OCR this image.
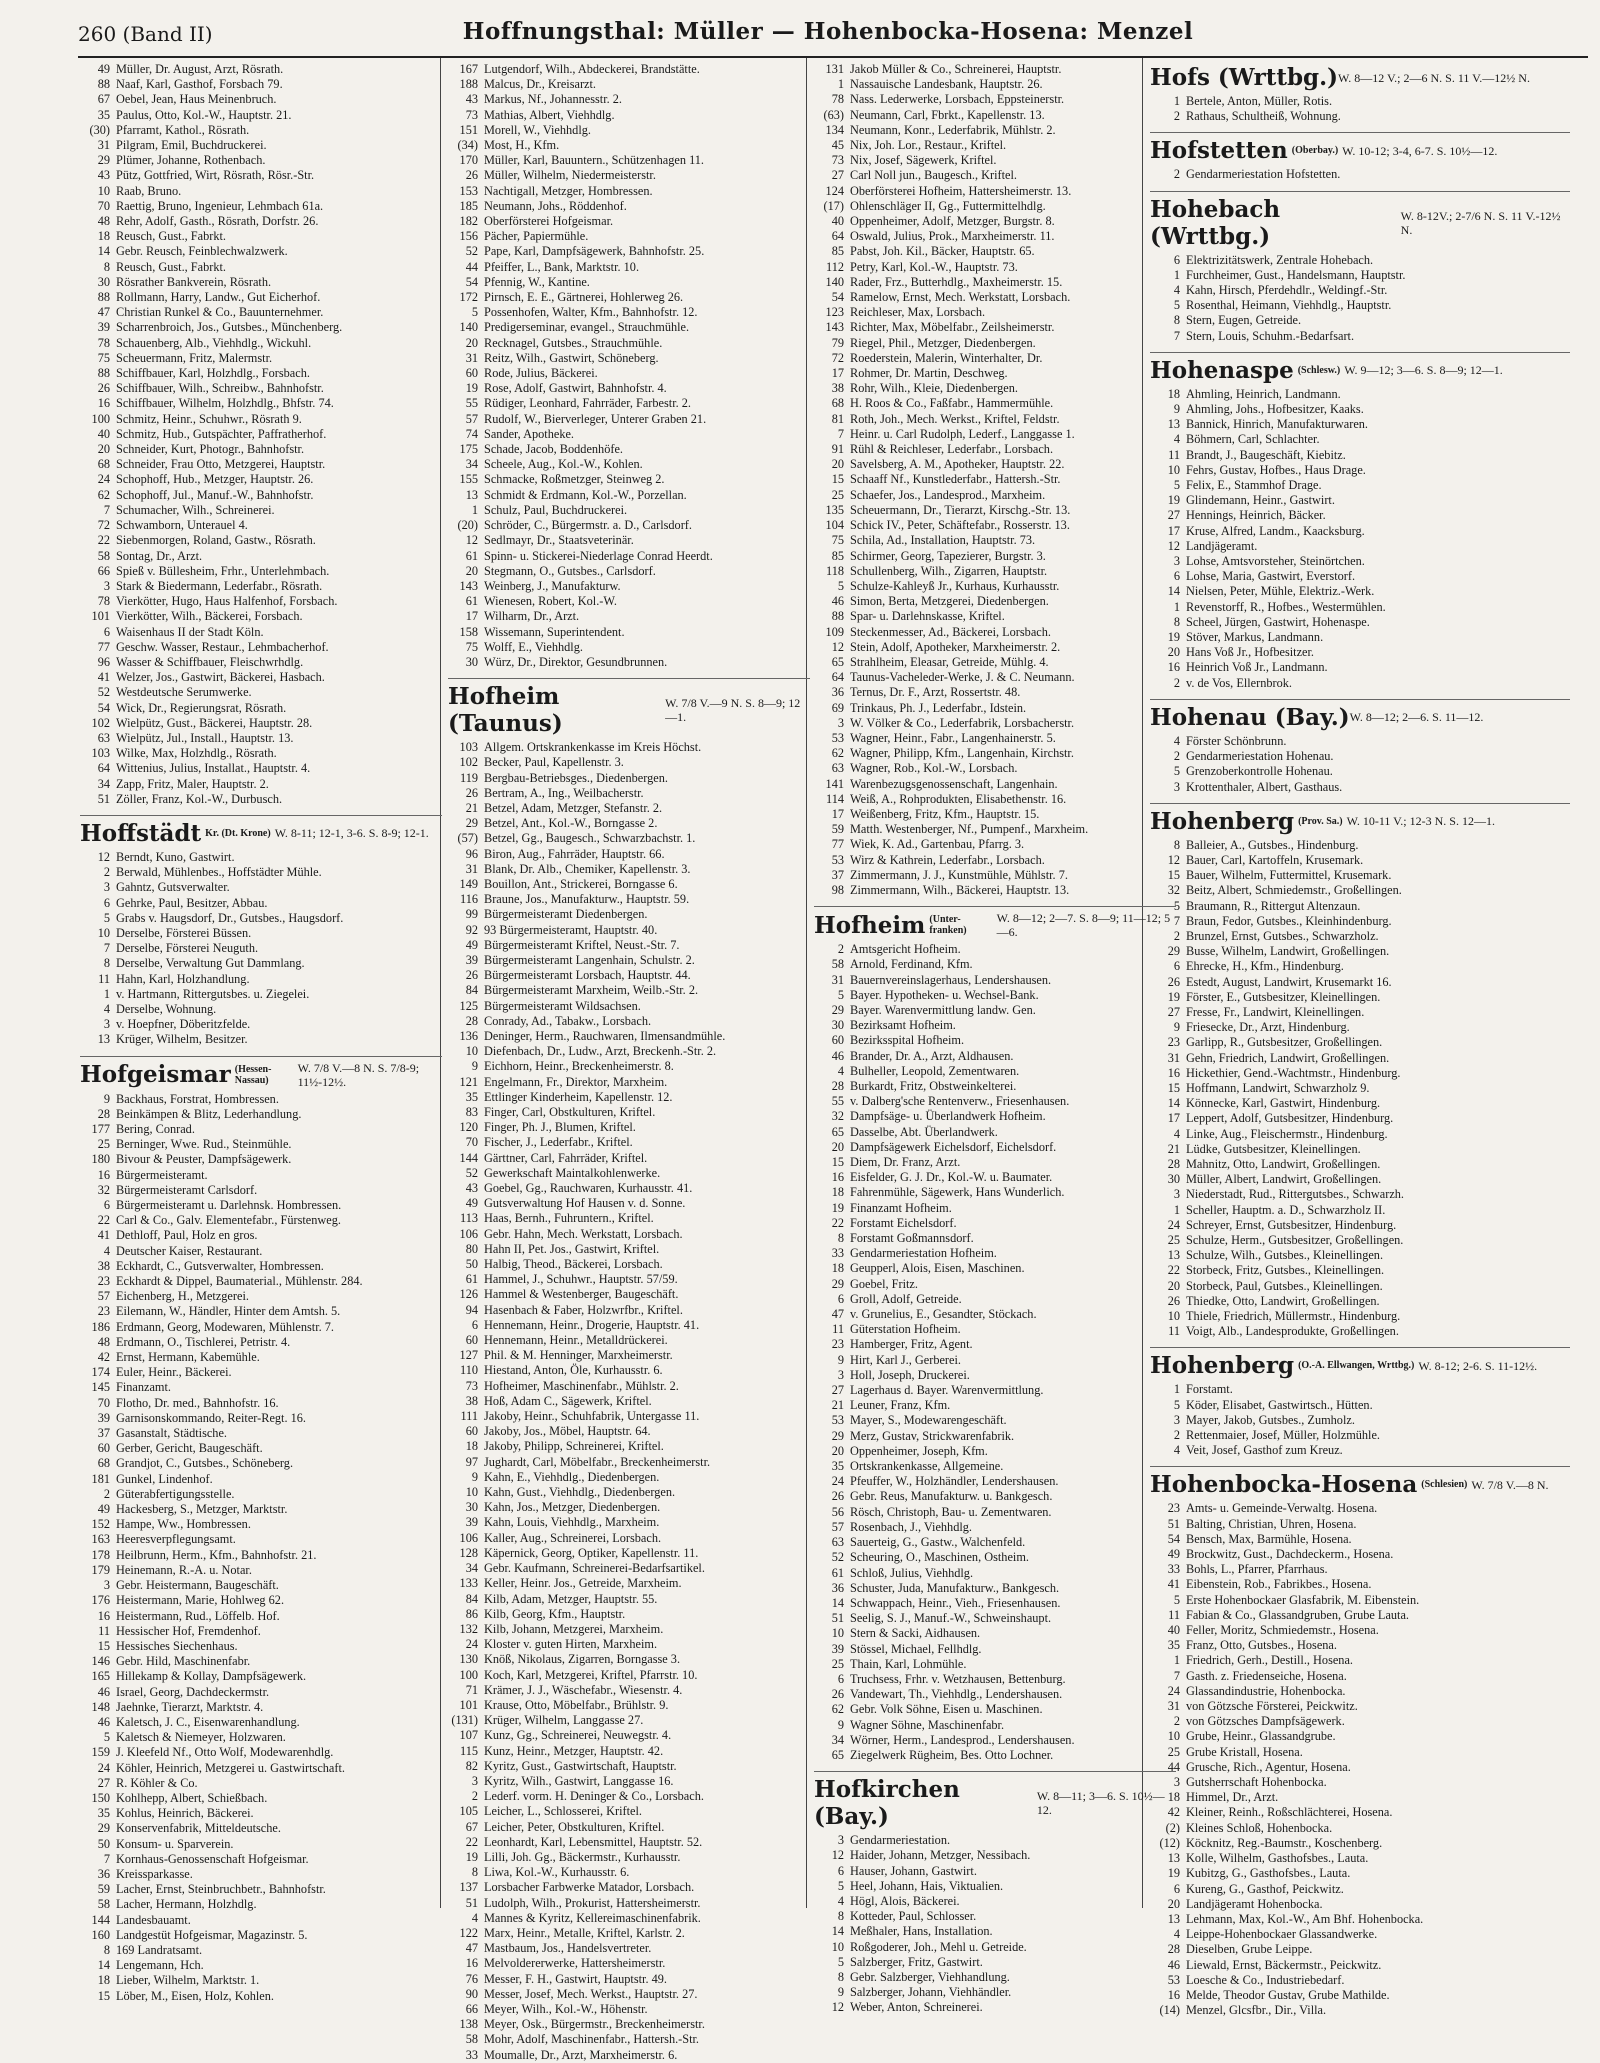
260 (Band II)	Hoffnungsthal: Müller — Hohenbocka-Hosena: Menzel
49 Müller, Dr. August, Arzt, Rösrath.
88 Naaf, Karl, Gasthof, Forsbach 79.
67 Oebel, Jean, Haus Meinenbruch.
35 Paulus, Otto, Kol.-W., Hauptstr. 21.
(30) Pfarramt, Kathol., Rösrath.
31 Pilgram, Emil, Buchdruckerei.
29 Plümer, Johanne, Rothenbach.
43 Pütz, Gottfried, Wirt, Rösrath, Rösr.-Str.
10 Raab, Bruno.
70 Raettig, Bruno, Ingenieur, Lehmbach 61a.
48 Rehr, Adolf, Gasth., Rösrath, Dorfstr. 26.
18 Reusch, Gust., Fabrkt.
14 Gebr. Reusch, Feinblechwalzwerk.
8 Reusch, Gust., Fabrkt.
30 Rösrather Bankverein, Rösrath.
88 Rollmann, Harry, Landw., Gut Eicherhof.
47 Christian Runkel & Co., Bauunternehmer.
39 Scharrenbroich, Jos., Gutsbes., Münchenberg.
78 Schauenberg, Alb., Viehhdlg., Wickuhl.
75 Scheuermann, Fritz, Malermstr.
88 Schiffbauer, Karl, Holzhdlg., Forsbach.
26 Schiffbauer, Wilh., Schreibw., Bahnhofstr.
16 Schiffbauer, Wilhelm, Holzhdlg., Bhfstr. 74.
100 Schmitz, Heinr., Schuhwr., Rösrath 9.
40 Schmitz, Hub., Gutspächter, Paffratherhof.
20 Schneider, Kurt, Photogr., Bahnhofstr.
68 Schneider, Frau Otto, Metzgerei, Hauptstr.
24 Schophoff, Hub., Metzger, Hauptstr. 26.
62 Schophoff, Jul., Manuf.-W., Bahnhofstr.
7 Schumacher, Wilh., Schreinerei.
72 Schwamborn, Unterauel 4.
22 Siebenmorgen, Roland, Gastw., Rösrath.
58 Sontag, Dr., Arzt.
66 Spieß v. Büllesheim, Frhr., Unterlehmbach.
3 Stark & Biedermann, Lederfabr., Rösrath.
78 Vierkötter, Hugo, Haus Halfenhof, Forsbach.
101 Vierkötter, Wilh., Bäckerei, Forsbach.
6 Waisenhaus II der Stadt Köln.
77 Geschw. Wasser, Restaur., Lehmbacherhof.
96 Wasser & Schiffbauer, Fleischwrhdlg.
41 Welzer, Jos., Gastwirt, Bäckerei, Hasbach.
52 Westdeutsche Serumwerke.
54 Wick, Dr., Regierungsrat, Rösrath.
102 Wielpütz, Gust., Bäckerei, Hauptstr. 28.
63 Wielpütz, Jul., Install., Hauptstr. 13.
103 Wilke, Max, Holzhdlg., Rösrath.
64 Wittenius, Julius, Installat., Hauptstr. 4.
34 Zapp, Fritz, Maler, Hauptstr. 2.
51 Zöller, Franz, Kol.-W., Durbusch.
Hoffstädt Kr. (Dt. Krone) W. 8-11; 12-1, 3-6. S. 8-9; 12-1.
12 Berndt, Kuno, Gastwirt.
2 Berwald, Mühlenbes., Hoffstädter Mühle.
3 Gahntz, Gutsverwalter.
6 Gehrke, Paul, Besitzer, Abbau.
5 Grabs v. Haugsdorf, Dr., Gutsbes., Haugsdorf.
10 Derselbe, Försterei Büssen.
7 Derselbe, Försterei Neuguth.
8 Derselbe, Verwaltung Gut Dammlang.
11 Hahn, Karl, Holzhandlung.
1 v. Hartmann, Rittergutsbes. u. Ziegelei.
4 Derselbe, Wohnung.
3 v. Hoepfner, Döberitzfelde.
13 Krüger, Wilhelm, Besitzer.
Hofgeismar (Hessen-Nassau)
W. 7/8 V.—8 N. S. 7/8-9; 11½-12½.
9 Backhaus, Forstrat, Hombressen.
28 Beinkämpen & Blitz, Lederhandlung.
177 Bering, Conrad.
25 Berninger, Wwe. Rud., Steinmühle.
180 Bivour & Peuster, Dampfsägewerk.
16 Bürgermeisteramt.
32 Bürgermeisteramt Carlsdorf.
6 Bürgermeisteramt u. Darlehnsk. Hombressen.
22 Carl & Co., Galv. Elementefabr., Fürstenweg.
41 Dethloff, Paul, Holz en gros.
4 Deutscher Kaiser, Restaurant.
38 Eckhardt, C., Gutsverwalter, Hombressen.
23 Eckhardt & Dippel, Baumaterial., Mühlenstr. 284.
57 Eichenberg, H., Metzgerei.
23 Eilemann, W., Händler, Hinter dem Amtsh. 5.
186 Erdmann, Georg, Modewaren, Mühlenstr. 7.
48 Erdmann, O., Tischlerei, Petristr. 4.
42 Ernst, Hermann, Kabemühle.
174 Euler, Heinr., Bäckerei.
145 Finanzamt.
70 Flotho, Dr. med., Bahnhofstr. 16.
39 Garnisonskommando, Reiter-Regt. 16.
37 Gasanstalt, Städtische.
60 Gerber, Gericht, Baugeschäft.
68 Grandjot, C., Gutsbes., Schöneberg.
181 Gunkel, Lindenhof.
2 Güterabfertigungsstelle.
49 Hackesberg, S., Metzger, Marktstr.
152 Hampe, Ww., Hombressen.
163 Heeresverpflegungsamt.
178 Heilbrunn, Herm., Kfm., Bahnhofstr. 21.
179 Heinemann, R.-A. u. Notar.
3 Gebr. Heistermann, Baugeschäft.
176 Heistermann, Marie, Hohlweg 62.
16 Heistermann, Rud., Löffelb. Hof.
11 Hessischer Hof, Fremdenhof.
15 Hessisches Siechenhaus.
146 Gebr. Hild, Maschinenfabr.
165 Hillekamp & Kollay, Dampfsägewerk.
46 Israel, Georg, Dachdeckermstr.
148 Jaehnke, Tierarzt, Marktstr. 4.
46 Kaletsch, J. C., Eisenwarenhandlung.
5 Kaletsch & Niemeyer, Holzwaren.
159 J. Kleefeld Nf., Otto Wolf, Modewarenhdlg.
24 Köhler, Heinrich, Metzgerei u. Gastwirtschaft.
27 R. Köhler & Co.
150 Kohlhepp, Albert, Schießbach.
35 Kohlus, Heinrich, Bäckerei.
29 Konservenfabrik, Mitteldeutsche.
50 Konsum- u. Sparverein.
7 Kornhaus-Genossenschaft Hofgeismar.
36 Kreissparkasse.
59 Lacher, Ernst, Steinbruchbetr., Bahnhofstr.
58 Lacher, Hermann, Holzhdlg.
144 Landesbauamt.
160 Landgestüt Hofgeismar, Magazinstr. 5.
8 169 Landratsamt.
14 Lengemann, Hch.
18 Lieber, Wilhelm, Marktstr. 1.
15 Löber, M., Eisen, Holz, Kohlen.
167 Lutgendorf, Wilh., Abdeckerei, Brandstätte.
188 Malcus, Dr., Kreisarzt.
43 Markus, Nf., Johannesstr. 2.
73 Mathias, Albert, Viehhdlg.
151 Morell, W., Viehhdlg.
(34) Most, H., Kfm.
170 Müller, Karl, Bauuntern., Schützenhagen 11.
26 Müller, Wilhelm, Niedermeisterstr.
153 Nachtigall, Metzger, Hombressen.
185 Neumann, Johs., Röddenhof.
182 Oberförsterei Hofgeismar.
156 Pächer, Papiermühle.
52 Pape, Karl, Dampfsägewerk, Bahnhofstr. 25.
44 Pfeiffer, L., Bank, Marktstr. 10.
54 Pfennig, W., Kantine.
172 Pirnsch, E. E., Gärtnerei, Hohlerweg 26.
5 Possenhofen, Walter, Kfm., Bahnhofstr. 12.
140 Predigerseminar, evangel., Strauchmühle.
20 Recknagel, Gutsbes., Strauchmühle.
31 Reitz, Wilh., Gastwirt, Schöneberg.
60 Rode, Julius, Bäckerei.
19 Rose, Adolf, Gastwirt, Bahnhofstr. 4.
55 Rüdiger, Leonhard, Fahrräder, Farbestr. 2.
57 Rudolf, W., Bierverleger, Unterer Graben 21.
74 Sander, Apotheke.
175 Schade, Jacob, Boddenhöfe.
34 Scheele, Aug., Kol.-W., Kohlen.
155 Schmacke, Roßmetzger, Steinweg 2.
13 Schmidt & Erdmann, Kol.-W., Porzellan.
1 Schulz, Paul, Buchdruckerei.
(20) Schröder, C., Bürgermstr. a. D., Carlsdorf.
12 Sedlmayr, Dr., Staatsveterinär.
61 Spinn- u. Stickerei-Niederlage Conrad Heerdt.
20 Stegmann, O., Gutsbes., Carlsdorf.
143 Weinberg, J., Manufakturw.
61 Wienesen, Robert, Kol.-W.
17 Wilharm, Dr., Arzt.
158 Wissemann, Superintendent.
75 Wolff, E., Viehhdlg.
30 Würz, Dr., Direktor, Gesundbrunnen.
Hofheim (Taunus)
W. 7/8 V.—9 N. S. 8—9; 12—1.
103 Allgem. Ortskrankenkasse im Kreis Höchst.
102 Becker, Paul, Kapellenstr. 3.
119 Bergbau-Betriebsges., Diedenbergen.
26 Bertram, A., Ing., Weilbacherstr.
21 Betzel, Adam, Metzger, Stefanstr. 2.
29 Betzel, Ant., Kol.-W., Borngasse 2.
(57) Betzel, Gg., Baugesch., Schwarzbachstr. 1.
96 Biron, Aug., Fahrräder, Hauptstr. 66.
31 Blank, Dr. Alb., Chemiker, Kapellenstr. 3.
149 Bouillon, Ant., Strickerei, Borngasse 6.
116 Braune, Jos., Manufakturw., Hauptstr. 59.
99 Bürgermeisteramt Diedenbergen.
92 93 Bürgermeisteramt, Hauptstr. 40.
49 Bürgermeisteramt Kriftel, Neust.-Str. 7.
39 Bürgermeisteramt Langenhain, Schulstr. 2.
26 Bürgermeisteramt Lorsbach, Hauptstr. 44.
84 Bürgermeisteramt Marxheim, Weilb.-Str. 2.
125 Bürgermeisteramt Wildsachsen.
28 Conrady, Ad., Tabakw., Lorsbach.
136 Deninger, Herm., Rauchwaren, Ilmensandmühle.
10 Diefenbach, Dr., Ludw., Arzt, Breckenh.-Str. 2.
9 Eichhorn, Heinr., Breckenheimerstr. 8.
121 Engelmann, Fr., Direktor, Marxheim.
35 Ettlinger Kinderheim, Kapellenstr. 12.
83 Finger, Carl, Obstkulturen, Kriftel.
120 Finger, Ph. J., Blumen, Kriftel.
70 Fischer, J., Lederfabr., Kriftel.
144 Gärttner, Carl, Fahrräder, Kriftel.
52 Gewerkschaft Maintalkohlenwerke.
43 Goebel, Gg., Rauchwaren, Kurhausstr. 41.
49 Gutsverwaltung Hof Hausen v. d. Sonne.
113 Haas, Bernh., Fuhruntern., Kriftel.
106 Gebr. Hahn, Mech. Werkstatt, Lorsbach.
80 Hahn II, Pet. Jos., Gastwirt, Kriftel.
50 Halbig, Theod., Bäckerei, Lorsbach.
61 Hammel, J., Schuhwr., Hauptstr. 57/59.
126 Hammel & Westenberger, Baugeschäft.
94 Hasenbach & Faber, Holzwrfbr., Kriftel.
6 Hennemann, Heinr., Drogerie, Hauptstr. 41.
60 Hennemann, Heinr., Metalldrückerei.
127 Phil. & M. Henninger, Marxheimerstr.
110 Hiestand, Anton, Öle, Kurhausstr. 6.
73 Hofheimer, Maschinenfabr., Mühlstr. 2.
38 Hoß, Adam C., Sägewerk, Kriftel.
111 Jakoby, Heinr., Schuhfabrik, Untergasse 11.
60 Jakoby, Jos., Möbel, Hauptstr. 64.
18 Jakoby, Philipp, Schreinerei, Kriftel.
97 Jughardt, Carl, Möbelfabr., Breckenheimerstr.
9 Kahn, E., Viehhdlg., Diedenbergen.
10 Kahn, Gust., Viehhdlg., Diedenbergen.
30 Kahn, Jos., Metzger, Diedenbergen.
39 Kahn, Louis, Viehhdlg., Marxheim.
106 Kaller, Aug., Schreinerei, Lorsbach.
128 Käpernick, Georg, Optiker, Kapellenstr. 11.
34 Gebr. Kaufmann, Schreinerei-Bedarfsartikel.
133 Keller, Heinr. Jos., Getreide, Marxheim.
84 Kilb, Adam, Metzger, Hauptstr. 55.
86 Kilb, Georg, Kfm., Hauptstr.
132 Kilb, Johann, Metzgerei, Marxheim.
24 Kloster v. guten Hirten, Marxheim.
130 Knöß, Nikolaus, Zigarren, Borngasse 3.
100 Koch, Karl, Metzgerei, Kriftel, Pfarrstr. 10.
71 Krämer, J. J., Wäschefabr., Wiesenstr. 4.
101 Krause, Otto, Möbelfabr., Brühlstr. 9.
(131) Krüger, Wilhelm, Langgasse 27.
107 Kunz, Gg., Schreinerei, Neuwegstr. 4.
115 Kunz, Heinr., Metzger, Hauptstr. 42.
82 Kyritz, Gust., Gastwirtschaft, Hauptstr.
3 Kyritz, Wilh., Gastwirt, Langgasse 16.
2 Lederf. vorm. H. Deninger & Co., Lorsbach.
105 Leicher, L., Schlosserei, Kriftel.
67 Leicher, Peter, Obstkulturen, Kriftel.
22 Leonhardt, Karl, Lebensmittel, Hauptstr. 52.
19 Lilli, Joh. Gg., Bäckermstr., Kurhausstr.
8 Liwa, Kol.-W., Kurhausstr. 6.
137 Lorsbacher Farbwerke Matador, Lorsbach.
51 Ludolph, Wilh., Prokurist, Hattersheimerstr.
4 Mannes & Kyritz, Kellereimaschinenfabrik.
122 Marx, Heinr., Metalle, Kriftel, Karlstr. 2.
47 Mastbaum, Jos., Handelsvertreter.
16 Melvoldererwerke, Hattersheimerstr.
76 Messer, F. H., Gastwirt, Hauptstr. 49.
90 Messer, Josef, Mech. Werkst., Hauptstr. 27.
66 Meyer, Wilh., Kol.-W., Höhenstr.
138 Meyer, Osk., Bürgermstr., Breckenheimerstr.
58 Mohr, Adolf, Maschinenfabr., Hattersh.-Str.
33 Moumalle, Dr., Arzt, Marxheimerstr. 6.
131 Jakob Müller & Co., Schreinerei, Hauptstr.
1 Nassauische Landesbank, Hauptstr. 26.
78 Nass. Lederwerke, Lorsbach, Eppsteinerstr.
(63) Neumann, Carl, Fbrkt., Kapellenstr. 13.
134 Neumann, Konr., Lederfabrik, Mühlstr. 2.
45 Nix, Joh. Lor., Restaur., Kriftel.
73 Nix, Josef, Sägewerk, Kriftel.
27 Carl Noll jun., Baugesch., Kriftel.
124 Oberförsterei Hofheim, Hattersheimerstr. 13.
(17) Ohlenschläger II, Gg., Futtermittelhdlg.
40 Oppenheimer, Adolf, Metzger, Burgstr. 8.
64 Oswald, Julius, Prok., Marxheimerstr. 11.
85 Pabst, Joh. Kil., Bäcker, Hauptstr. 65.
112 Petry, Karl, Kol.-W., Hauptstr. 73.
140 Rader, Frz., Butterhdlg., Maxheimerstr. 15.
54 Ramelow, Ernst, Mech. Werkstatt, Lorsbach.
123 Reichleser, Max, Lorsbach.
143 Richter, Max, Möbelfabr., Zeilsheimerstr.
79 Riegel, Phil., Metzger, Diedenbergen.
72 Roederstein, Malerin, Winterhalter, Dr.
17 Rohmer, Dr. Martin, Deschweg.
38 Rohr, Wilh., Kleie, Diedenbergen.
68 H. Roos & Co., Faßfabr., Hammermühle.
81 Roth, Joh., Mech. Werkst., Kriftel, Feldstr.
7 Heinr. u. Carl Rudolph, Lederf., Langgasse 1.
91 Rühl & Reichleser, Lederfabr., Lorsbach.
20 Savelsberg, A. M., Apotheker, Hauptstr. 22.
15 Schaaff Nf., Kunstlederfabr., Hattersh.-Str.
25 Schaefer, Jos., Landesprod., Marxheim.
135 Scheuermann, Dr., Tierarzt, Kirschg.-Str. 13.
104 Schick IV., Peter, Schäftefabr., Rosserstr. 13.
75 Schila, Ad., Installation, Hauptstr. 73.
85 Schirmer, Georg, Tapezierer, Burgstr. 3.
118 Schullenberg, Wilh., Zigarren, Hauptstr.
5 Schulze-Kahleyß Jr., Kurhaus, Kurhausstr.
46 Simon, Berta, Metzgerei, Diedenbergen.
88 Spar- u. Darlehnskasse, Kriftel.
109 Steckenmesser, Ad., Bäckerei, Lorsbach.
12 Stein, Adolf, Apotheker, Marxheimerstr. 2.
65 Strahlheim, Eleasar, Getreide, Mühlg. 4.
64 Taunus-Vacheleder-Werke, J. & C. Neumann.
36 Ternus, Dr. F., Arzt, Rossertstr. 48.
69 Trinkaus, Ph. J., Lederfabr., Idstein.
3 W. Völker & Co., Lederfabrik, Lorsbacherstr.
53 Wagner, Heinr., Fabr., Langenhainerstr. 5.
62 Wagner, Philipp, Kfm., Langenhain, Kirchstr.
63 Wagner, Rob., Kol.-W., Lorsbach.
141 Warenbezugsgenossenschaft, Langenhain.
114 Weiß, A., Rohprodukten, Elisabethenstr. 16.
17 Weißenberg, Fritz, Kfm., Hauptstr. 15.
59 Matth. Westenberger, Nf., Pumpenf., Marxheim.
77 Wiek, K. Ad., Gartenbau, Pfarrg. 3.
53 Wirz & Kathrein, Lederfabr., Lorsbach.
37 Zimmermann, J. J., Kunstmühle, Mühlstr. 7.
98 Zimmermann, Wilh., Bäckerei, Hauptstr. 13.
Hofheim (Unter-franken)
W. 8—12; 2—7. S. 8—9; 11—12; 5—6.
2 Amtsgericht Hofheim.
58 Arnold, Ferdinand, Kfm.
31 Bauernvereinslagerhaus, Lendershausen.
5 Bayer. Hypotheken- u. Wechsel-Bank.
29 Bayer. Warenvermittlung landw. Gen.
30 Bezirksamt Hofheim.
60 Bezirksspital Hofheim.
46 Brander, Dr. A., Arzt, Aldhausen.
4 Bulheller, Leopold, Zementwaren.
28 Burkardt, Fritz, Obstweinkelterei.
55 v. Dalberg'sche Rentenverw., Friesenhausen.
32 Dampfsäge- u. Überlandwerk Hofheim.
65 Dasselbe, Abt. Überlandwerk.
20 Dampfsägewerk Eichelsdorf, Eichelsdorf.
15 Diem, Dr. Franz, Arzt.
16 Eisfelder, G. J. Dr., Kol.-W. u. Baumater.
18 Fahrenmühle, Sägewerk, Hans Wunderlich.
19 Finanzamt Hofheim.
22 Forstamt Eichelsdorf.
8 Forstamt Goßmannsdorf.
33 Gendarmeriestation Hofheim.
18 Geupperl, Alois, Eisen, Maschinen.
29 Goebel, Fritz.
6 Groll, Adolf, Getreide.
47 v. Grunelius, E., Gesandter, Stöckach.
11 Güterstation Hofheim.
23 Hamberger, Fritz, Agent.
9 Hirt, Karl J., Gerberei.
3 Holl, Joseph, Druckerei.
27 Lagerhaus d. Bayer. Warenvermittlung.
21 Leuner, Franz, Kfm.
53 Mayer, S., Modewarengeschäft.
29 Merz, Gustav, Strickwarenfabrik.
20 Oppenheimer, Joseph, Kfm.
35 Ortskrankenkasse, Allgemeine.
24 Pfeuffer, W., Holzhändler, Lendershausen.
26 Gebr. Reus, Manufakturw. u. Bankgesch.
56 Rösch, Christoph, Bau- u. Zementwaren.
57 Rosenbach, J., Viehhdlg.
63 Sauerteig, G., Gastw., Walchenfeld.
52 Scheuring, O., Maschinen, Ostheim.
61 Schloß, Julius, Viehhdlg.
36 Schuster, Juda, Manufakturw., Bankgesch.
14 Schwappach, Heinr., Vieh., Friesenhausen.
51 Seelig, S. J., Manuf.-W., Schweinshaupt.
10 Stern & Sacki, Aidhausen.
39 Stössel, Michael, Fellhdlg.
25 Thain, Karl, Lohmühle.
6 Truchsess, Frhr. v. Wetzhausen, Bettenburg.
26 Vandewart, Th., Viehhdlg., Lendershausen.
62 Gebr. Volk Söhne, Eisen u. Maschinen.
9 Wagner Söhne, Maschinenfabr.
34 Wörner, Herm., Landesprod., Lendershausen.
65 Ziegelwerk Rügheim, Bes. Otto Lochner.
Hofkirchen (Bay.)
W. 8—11; 3—6. S. 10½—12.
3 Gendarmeriestation.
12 Haider, Johann, Metzger, Nessibach.
6 Hauser, Johann, Gastwirt.
5 Heel, Johann, Hais, Viktualien.
4 Högl, Alois, Bäckerei.
8 Kotteder, Paul, Schlosser.
14 Meßhaler, Hans, Installation.
10 Roßgoderer, Joh., Mehl u. Getreide.
5 Salzberger, Fritz, Gastwirt.
8 Gebr. Salzberger, Viehhandlung.
9 Salzberger, Johann, Viehhändler.
12 Weber, Anton, Schreinerei.
Hofs (Wrttbg.) W. 8—12 V.; 2—6 N. S. 11 V.—12½ N.
1 Bertele, Anton, Müller, Rotis.
2 Rathaus, Schultheiß, Wohnung.
Hofstetten (Oberbay.) W. 10-12; 3-4, 6-7. S. 10½—12.
2 Gendarmeriestation Hofstetten.
Hohebach (Wrttbg.)
W. 8-12V.; 2-7/6 N. S. 11 V.-12½ N.
6 Elektrizitätswerk, Zentrale Hohebach.
1 Furchheimer, Gust., Handelsmann, Hauptstr.
4 Kahn, Hirsch, Pferdehdlr., Weldingf.-Str.
5 Rosenthal, Heimann, Viehhdlg., Hauptstr.
8 Stern, Eugen, Getreide.
7 Stern, Louis, Schuhm.-Bedarfsart.
Hohenaspe (Schlesw.) W. 9—12; 3—6. S. 8—9; 12—1.
18 Ahmling, Heinrich, Landmann.
9 Ahmling, Johs., Hofbesitzer, Kaaks.
13 Bannick, Hinrich, Manufakturwaren.
4 Böhmern, Carl, Schlachter.
11 Brandt, J., Baugeschäft, Kiebitz.
10 Fehrs, Gustav, Hofbes., Haus Drage.
5 Felix, E., Stammhof Drage.
19 Glindemann, Heinr., Gastwirt.
27 Hennings, Heinrich, Bäcker.
17 Kruse, Alfred, Landm., Kaacksburg.
12 Landjägeramt.
3 Lohse, Amtsvorsteher, Steinörtchen.
6 Lohse, Maria, Gastwirt, Everstorf.
14 Nielsen, Peter, Mühle, Elektriz.-Werk.
1 Revenstorff, R., Hofbes., Westermühlen.
8 Scheel, Jürgen, Gastwirt, Hohenaspe.
19 Stöver, Markus, Landmann.
20 Hans Voß Jr., Hofbesitzer.
16 Heinrich Voß Jr., Landmann.
2 v. de Vos, Ellernbrok.
Hohenau (Bay.) W. 8—12; 2—6. S. 11—12.
4 Förster Schönbrunn.
2 Gendarmeriestation Hohenau.
5 Grenzoberkontrolle Hohenau.
3 Krottenthaler, Albert, Gasthaus.
Hohenberg (Prov. Sa.) W. 10-11 V.; 12-3 N. S. 12—1.
8 Balleier, A., Gutsbes., Hindenburg.
12 Bauer, Carl, Kartoffeln, Krusemark.
15 Bauer, Wilhelm, Futtermittel, Krusemark.
32 Beitz, Albert, Schmiedemstr., Großellingen.
5 Braumann, R., Rittergut Altenzaun.
7 Braun, Fedor, Gutsbes., Kleinhindenburg.
2 Brunzel, Ernst, Gutsbes., Schwarzholz.
29 Busse, Wilhelm, Landwirt, Großellingen.
6 Ehrecke, H., Kfm., Hindenburg.
26 Estedt, August, Landwirt, Krusemarkt 16.
19 Förster, E., Gutsbesitzer, Kleinellingen.
27 Fresse, Fr., Landwirt, Kleinellingen.
9 Friesecke, Dr., Arzt, Hindenburg.
23 Garlipp, R., Gutsbesitzer, Großellingen.
31 Gehn, Friedrich, Landwirt, Großellingen.
16 Hickethier, Gend.-Wachtmstr., Hindenburg.
15 Hoffmann, Landwirt, Schwarzholz 9.
14 Könnecke, Karl, Gastwirt, Hindenburg.
17 Leppert, Adolf, Gutsbesitzer, Hindenburg.
4 Linke, Aug., Fleischermstr., Hindenburg.
21 Lüdke, Gutsbesitzer, Kleinellingen.
28 Mahnitz, Otto, Landwirt, Großellingen.
30 Müller, Albert, Landwirt, Großellingen.
3 Niederstadt, Rud., Rittergutsbes., Schwarzh.
1 Scheller, Hauptm. a. D., Schwarzholz II.
24 Schreyer, Ernst, Gutsbesitzer, Hindenburg.
25 Schulze, Herm., Gutsbesitzer, Großellingen.
13 Schulze, Wilh., Gutsbes., Kleinellingen.
22 Storbeck, Fritz, Gutsbes., Kleinellingen.
20 Storbeck, Paul, Gutsbes., Kleinellingen.
26 Thiedke, Otto, Landwirt, Großellingen.
10 Thiele, Friedrich, Müllermstr., Hindenburg.
11 Voigt, Alb., Landesprodukte, Großellingen.
Hohenberg (O.-A. Ellwangen, Wrttbg.) W. 8-12; 2-6. S. 11-12½.
1 Forstamt.
5 Köder, Elisabet, Gastwirtsch., Hütten.
3 Mayer, Jakob, Gutsbes., Zumholz.
2 Rettenmaier, Josef, Müller, Holzmühle.
4 Veit, Josef, Gasthof zum Kreuz.
Hohenbocka-Hosena (Schlesien) W. 7/8 V.—8 N.
23 Amts- u. Gemeinde-Verwaltg. Hosena.
51 Balting, Christian, Uhren, Hosena.
54 Bensch, Max, Barmühle, Hosena.
49 Brockwitz, Gust., Dachdeckerm., Hosena.
33 Bohls, L., Pfarrer, Pfarrhaus.
41 Eibenstein, Rob., Fabrikbes., Hosena.
5 Erste Hohenbockaer Glasfabrik, M. Eibenstein.
11 Fabian & Co., Glassandgruben, Grube Lauta.
40 Feller, Moritz, Schmiedemstr., Hosena.
35 Franz, Otto, Gutsbes., Hosena.
1 Friedrich, Gerh., Destill., Hosena.
7 Gasth. z. Friedenseiche, Hosena.
24 Glassandindustrie, Hohenbocka.
31 von Götzsche Försterei, Peickwitz.
2 von Götzsches Dampfsägewerk.
10 Grube, Heinr., Glassandgrube.
25 Grube Kristall, Hosena.
44 Grusche, Rich., Agentur, Hosena.
3 Gutsherrschaft Hohenbocka.
18 Himmel, Dr., Arzt.
42 Kleiner, Reinh., Roßschlächterei, Hosena.
(2) Kleines Schloß, Hohenbocka.
(12) Köcknitz, Reg.-Baumstr., Koschenberg.
13 Kolle, Wilhelm, Gasthofsbes., Lauta.
19 Kubitzg, G., Gasthofsbes., Lauta.
6 Kureng, G., Gasthof, Peickwitz.
20 Landjägeramt Hohenbocka.
13 Lehmann, Max, Kol.-W., Am Bhf. Hohenbocka.
4 Leippe-Hohenbockaer Glassandwerke.
28 Dieselben, Grube Leippe.
46 Liewald, Ernst, Bäckermstr., Peickwitz.
53 Loesche & Co., Industriebedarf.
16 Melde, Theodor Gustav, Grube Mathilde.
(14) Menzel, Glcsfbr., Dir., Villa.
